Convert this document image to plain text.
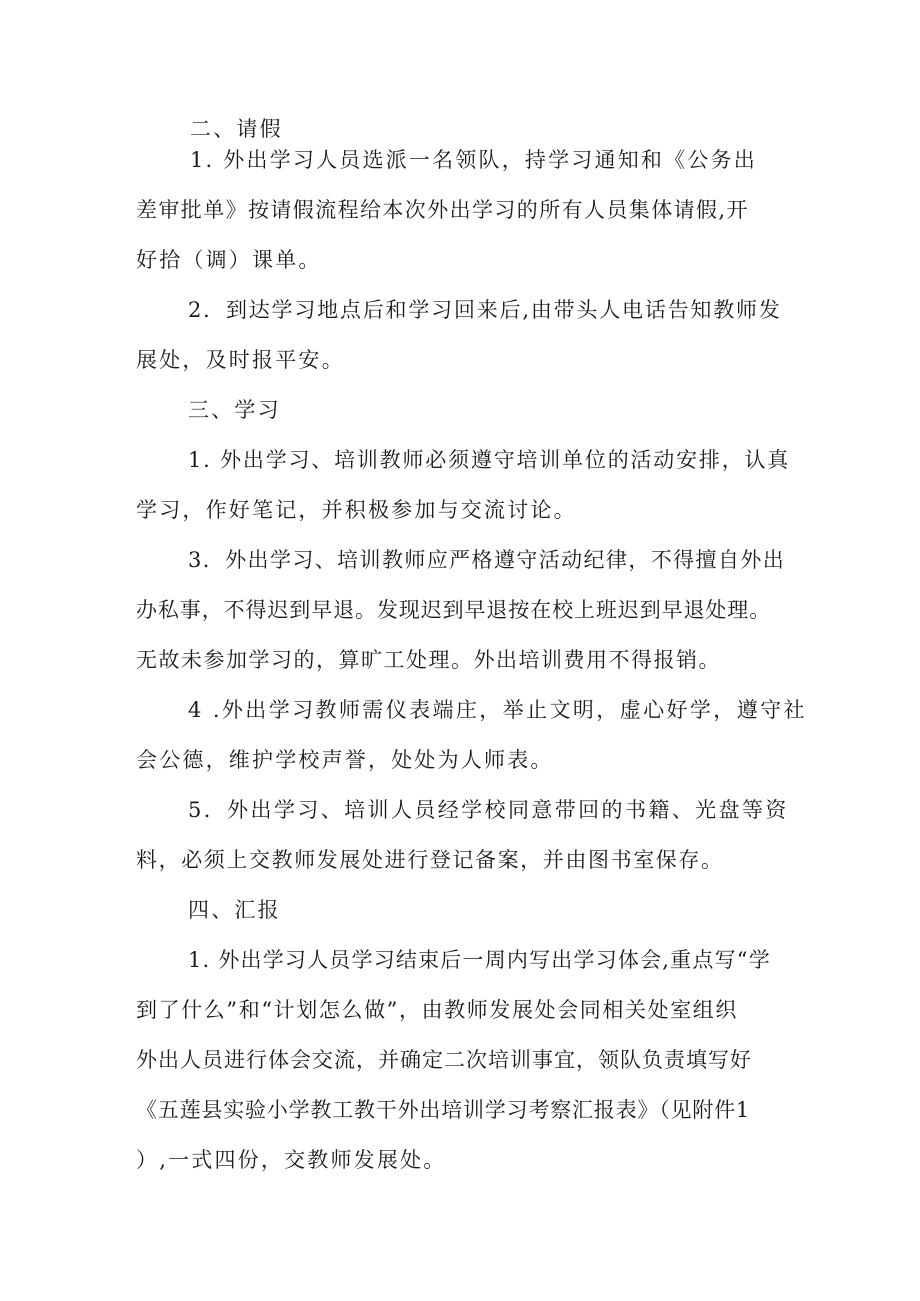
二、请假
1. 外出学习人员选派一名领队，持学习通知和《公务出
差审批单》按请假流程给本次外出学习的所有人员集体请假,开
好拾（调）课单。
2．到达学习地点后和学习回来后,由带头人电话告知教师发
展处，及时报平安。
三、学习
1. 外出学习、培训教师必须遵守培训单位的活动安排，认真
学习，作好笔记，并积极参加与交流讨论。
3．外出学习、培训教师应严格遵守活动纪律，不得擅自外出
办私事，不得迟到早退。发现迟到早退按在校上班迟到早退处理。
无故未参加学习的，算旷工处理。外出培训费用不得报销。
4 .外出学习教师需仪表端庄，举止文明，虚心好学，遵守社
会公德，维护学校声誉，处处为人师表。
5．外出学习、培训人员经学校同意带回的书籍、光盘等资
料，必须上交教师发展处进行登记备案，并由图书室保存。
四、汇报
1. 外出学习人员学习结束后一周内写出学习体会,重点写“学
到了什么”和“计划怎么做”，由教师发展处会同相关处室组织
外出人员进行体会交流，并确定二次培训事宜，领队负责填写好
《五莲县实验小学教工教干外出培训学习考察汇报表》（见附件1
）,一式四份，交教师发展处。
